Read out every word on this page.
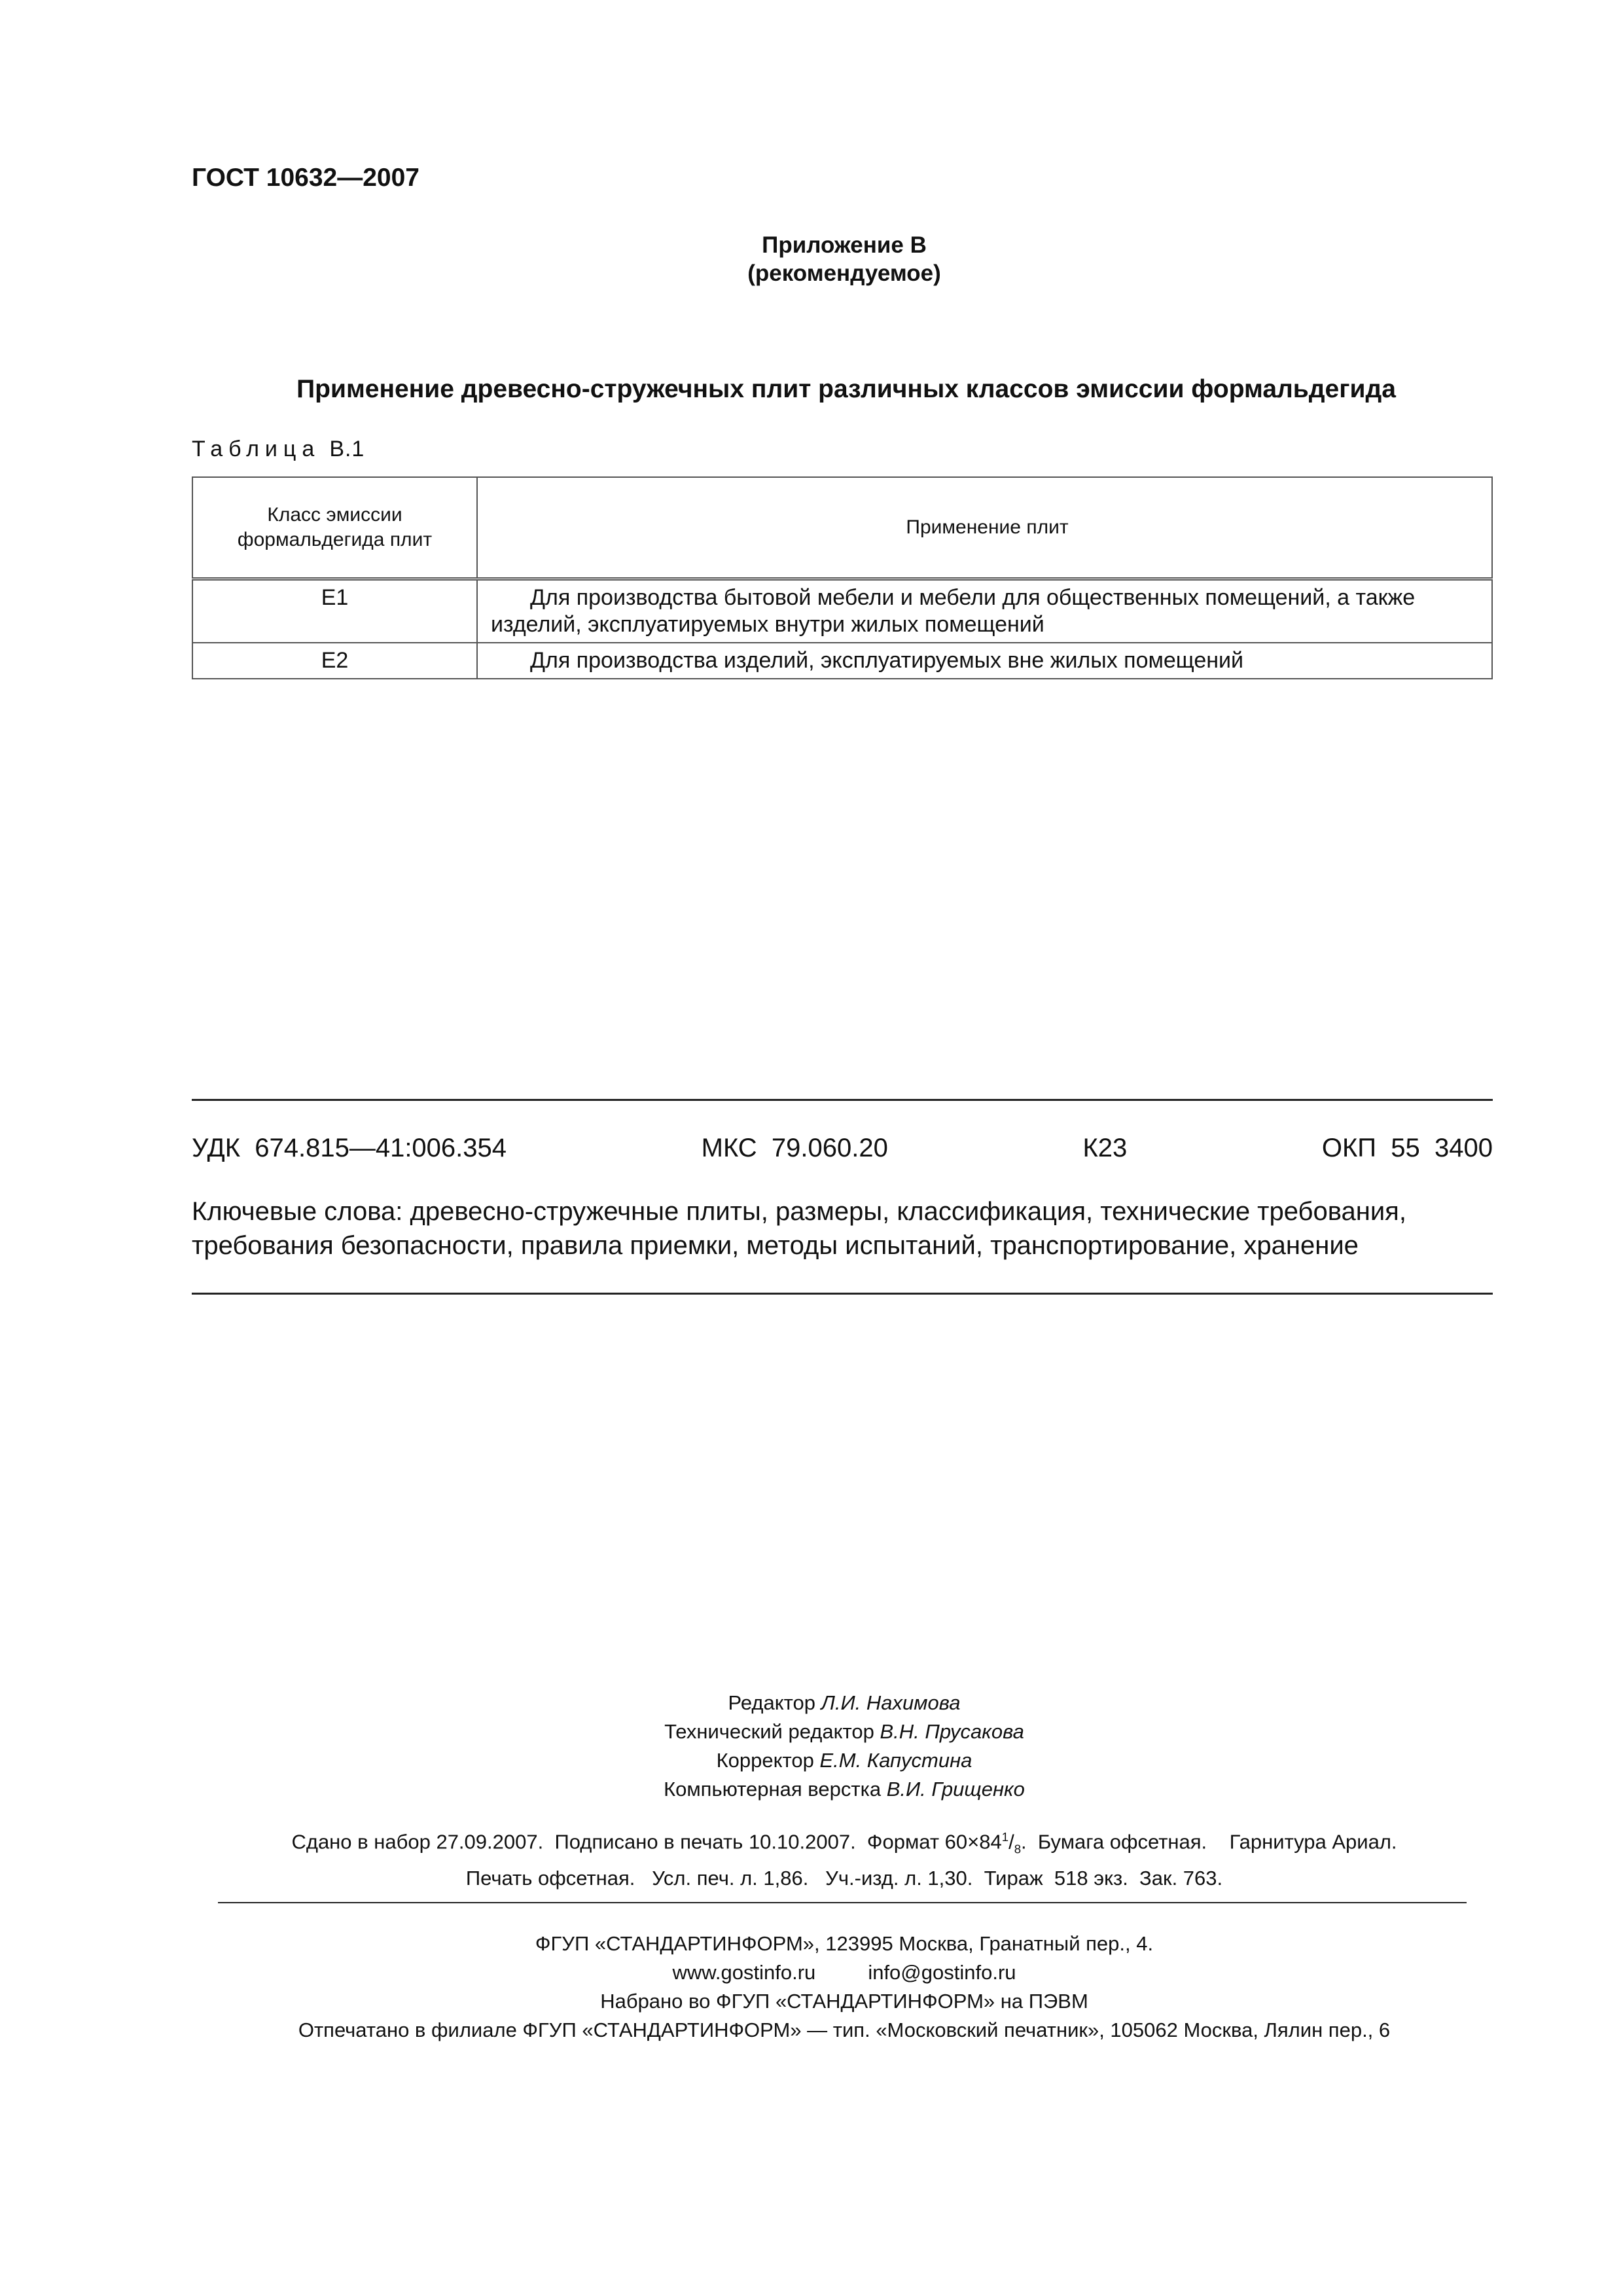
ГОСТ 10632—2007
Приложение В
(рекомендуемое)
Применение древесно-стружечных плит различных классов эмиссии формальдегида
Таблица В.1
Класс эмиссии формальдегида плит	Применение плит
Е1	Для производства бытовой мебели и мебели для общественных помещений, а также изделий, эксплуатируемых внутри жилых помещений
Е2	Для производства изделий, эксплуатируемых вне жилых помещений
УДК  674.815—41:006.354	МКС  79.060.20	К23	ОКП  55  3400
Ключевые слова: древесно-стружечные плиты, размеры, классификация, технические требования, требования безопасности, правила приемки, методы испытаний, транспортирование, хранение
Редактор Л.И. Нахимова
Технический редактор В.Н. Прусакова
Корректор Е.М. Капустина
Компьютерная верстка В.И. Грищенко
Сдано в набор 27.09.2007.  Подписано в печать 10.10.2007.  Формат $60\times 84^1/_8$.  Бумага офсетная.    Гарнитура Ариал.
Печать офсетная.   Усл. печ. л. 1,86.   Уч.-изд. л. 1,30.  Тираж  518 экз.  Зак. 763.
ФГУП «СТАНДАРТИНФОРМ», 123995 Москва, Гранатный пер., 4.
www.gostinfo.ru	info@gostinfo.ru
Набрано во ФГУП «СТАНДАРТИНФОРМ» на ПЭВМ
Отпечатано в филиале ФГУП «СТАНДАРТИНФОРМ» — тип. «Московский печатник», 105062 Москва, Лялин пер., 6
